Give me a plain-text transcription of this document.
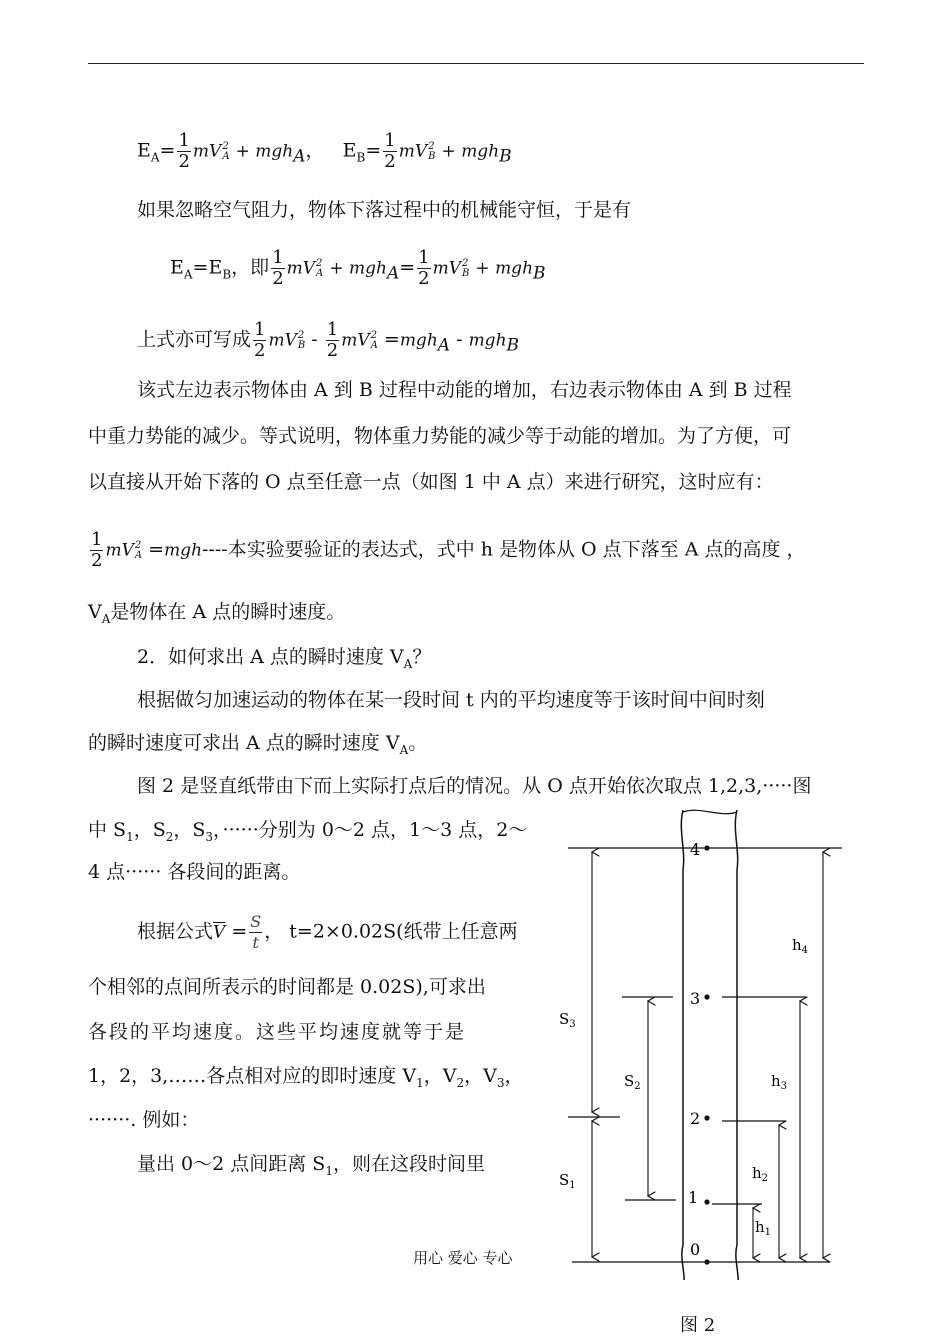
$E_A= \frac{1}{2}$ mV 2
A + mgh$_A$， $E_B= \frac{1}{2}$ mV 2
B + mgh$_B$
如果忽略空气阻力，物体下落过程中的机械能守恒，于是有
$E_A=E_B$，即 $\frac{1}{2}$ mV 2
$A + mgh_A= \frac{1}{2}$ mV 2
B + mgh$_B$
上式亦可写成 $\frac{1}{2}$ mV 2
B - $\frac{1}{2}$ mV 2
A =mgh$_A$ - mgh$_B$
该式左边表示物体由 A 到 B 过程中动能的增加，右边表示物体由 A 到 B 过程
中重力势能的减少。等式说明，物体重力势能的减少等于动能的增加。为了方便，可
以直接从开始下落的 O 点至任意一点（如图 1 中 A 点）来进行研究，这时应有：
$\frac{1}{2}$ mV 2
A =mgh----本实验要验证的表达式，式中 h 是物体从 O 点下落至 A 点的高度 ，
$V_A$是物体在 A 点的瞬时速度。
2．如何求出 A 点的瞬时速度 $V_A$？
根据做匀加速运动的物体在某一段时间 t 内的平均速度等于该时间中间时刻
的瞬时速度可求出 A 点的瞬时速度 $V_A$。
图 2 是竖直纸带由下而上实际打点后的情况。从 O 点开始依次取点 1,2,3,·····图
中 $S_1$，$S_2$，$S_3$，······分别为 0～2 点，1～3 点，2～
4 点······ 各段间的距离。
根据公式$\overline{V} = \frac{S}{t}$ ， t=2×0.02S(纸带上任意两
个相邻的点间所表示的时间都是 0.02S),可求出
各段的平均速度。这些平均速度就等于是
1，2，3,……各点相对应的即时速度 $V_1$，$V_2$，$V_3$，
·······. 例如：
量出 0～2 点间距离 $S_1$，则在这段时间里
4
3
2
1
0
$S_3$
$S_2$
$S_1$
$h_4$
$h_3$
$h_2$
$h_1$
用心 爱心 专心
图 2
